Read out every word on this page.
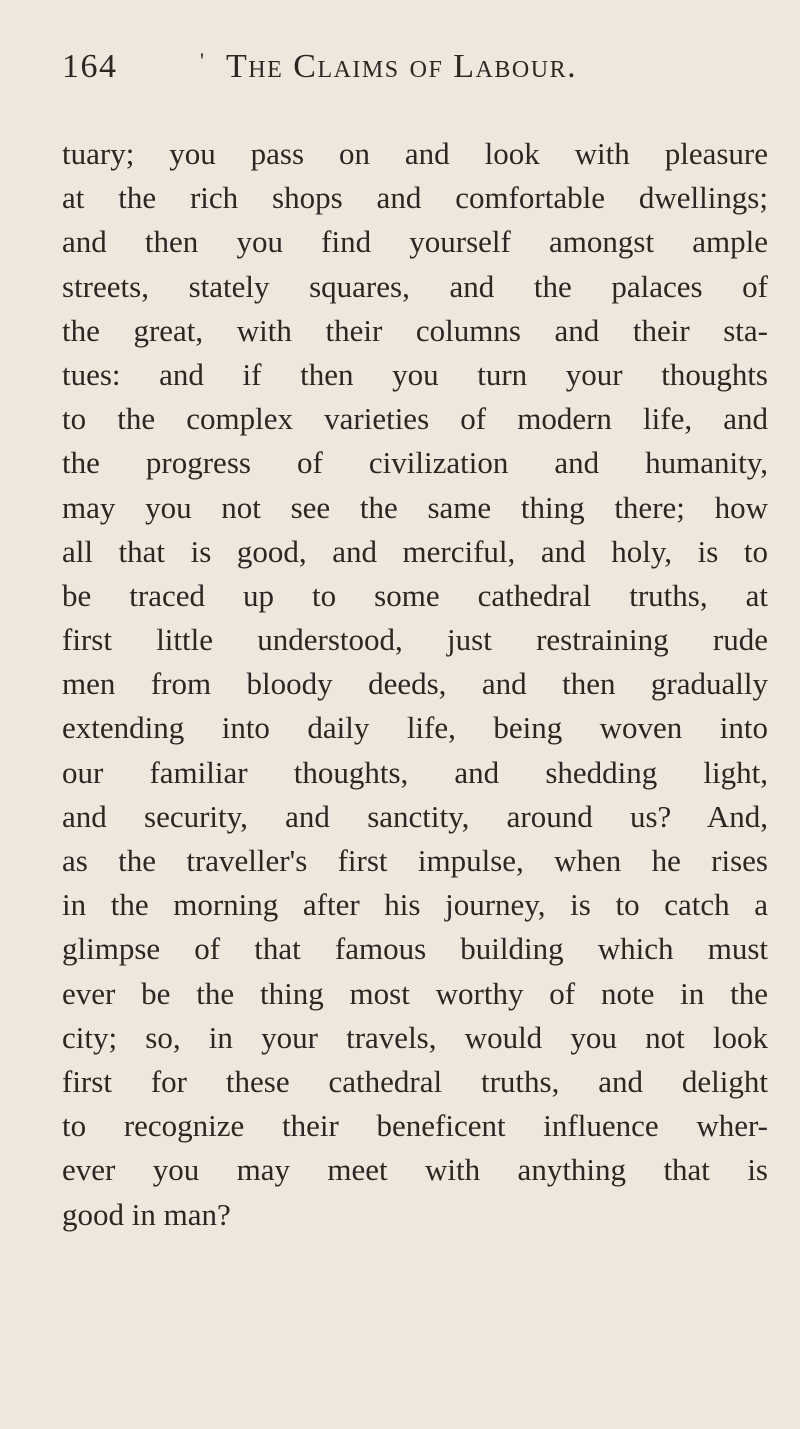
164	' The Claims of Labour.
tuary; you pass on and look with pleasure
at the rich shops and comfortable dwellings;
and then you find yourself amongst ample
streets, stately squares, and the palaces of
the great, with their columns and their sta-
tues: and if then you turn your thoughts
to the complex varieties of modern life, and
the progress of civilization and humanity,
may you not see the same thing there; how
all that is good, and merciful, and holy, is to
be traced up to some cathedral truths, at
first little understood, just restraining rude
men from bloody deeds, and then gradually
extending into daily life, being woven into
our familiar thoughts, and shedding light,
and security, and sanctity, around us? And,
as the traveller's first impulse, when he rises
in the morning after his journey, is to catch a
glimpse of that famous building which must
ever be the thing most worthy of note in the
city; so, in your travels, would you not look
first for these cathedral truths, and delight
to recognize their beneficent influence wher-
ever you may meet with anything that is
good in man?
